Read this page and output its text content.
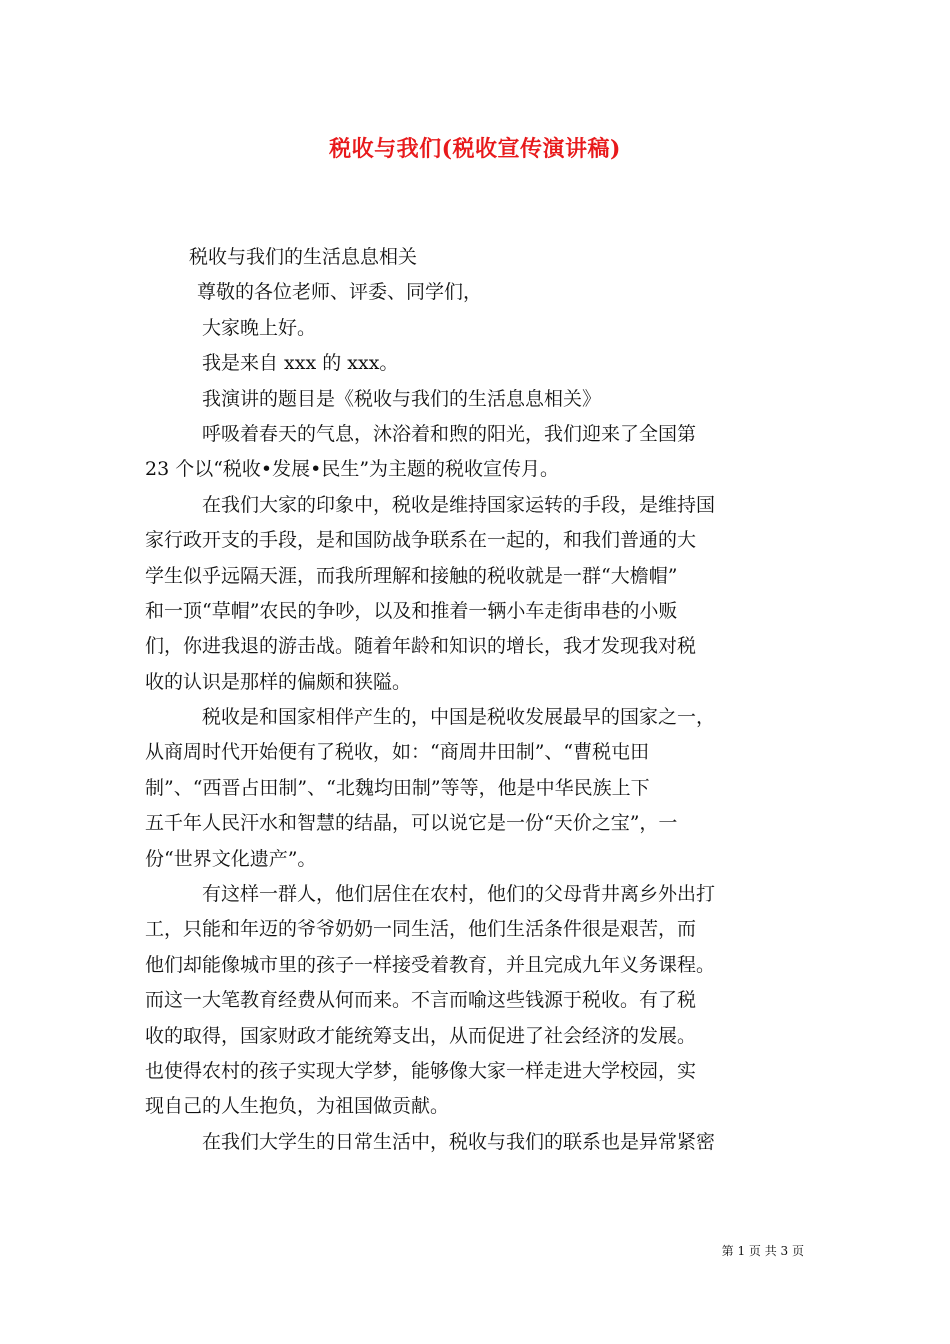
税收与我们(税收宣传演讲稿)
税收与我们的生活息息相关
尊敬的各位老师、评委、同学们，
大家晚上好。
我是来自 xxx 的 xxx。
我演讲的题目是《税收与我们的生活息息相关》
呼吸着春天的气息，沐浴着和煦的阳光，我们迎来了全国第
23 个以“税收•发展•民生”为主题的税收宣传月。
在我们大家的印象中，税收是维持国家运转的手段，是维持国
家行政开支的手段，是和国防战争联系在一起的，和我们普通的大
学生似乎远隔天涯，而我所理解和接触的税收就是一群“大檐帽”
和一顶“草帽”农民的争吵，以及和推着一辆小车走街串巷的小贩
们，你进我退的游击战。随着年龄和知识的增长，我才发现我对税
收的认识是那样的偏颇和狭隘。
税收是和国家相伴产生的，中国是税收发展最早的国家之一，
从商周时代开始便有了税收，如：“商周井田制”、“曹税屯田
制”、“西晋占田制”、“北魏均田制”等等，他是中华民族上下
五千年人民汗水和智慧的结晶，可以说它是一份“天价之宝”，一
份“世界文化遗产”。
有这样一群人，他们居住在农村，他们的父母背井离乡外出打
工，只能和年迈的爷爷奶奶一同生活，他们生活条件很是艰苦，而
他们却能像城市里的孩子一样接受着教育，并且完成九年义务课程。
而这一大笔教育经费从何而来。不言而喻这些钱源于税收。有了税
收的取得，国家财政才能统筹支出，从而促进了社会经济的发展。
也使得农村的孩子实现大学梦，能够像大家一样走进大学校园，实
现自己的人生抱负，为祖国做贡献。
在我们大学生的日常生活中，税收与我们的联系也是异常紧密
第 1 页 共 3 页
